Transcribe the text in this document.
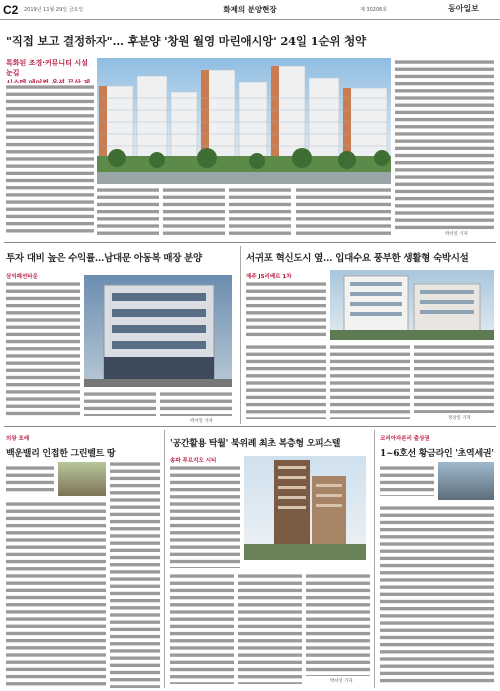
C2 2019년 11월 29일 금요일	화제의 분양현장	제 30206호	동아일보
"직접 보고 결정하자"… 후분양 '창원 월영 마린애시앙' 24일 1순위 청약
특화된 조경·커뮤니티 시설 눈길
박서연 기자
투자 대비 높은 수익률…남대문 아동복 매장 분양
삼익패션타운
박서연 기자
서귀포 혁신도시 옆… 입대수요 풍부한 생활형 숙박시설
제주 JS리베르 1차
정상연 기자
의왕 포레
백운밸리 인접한 그린벨트 땅
'공간활용 탁월' 북위례 최초 복층형 오피스텔
송파 푸르지오 시티
박서연 기자
코리아자본리 출상권
1~6호선 황금라인 '초역세권'
